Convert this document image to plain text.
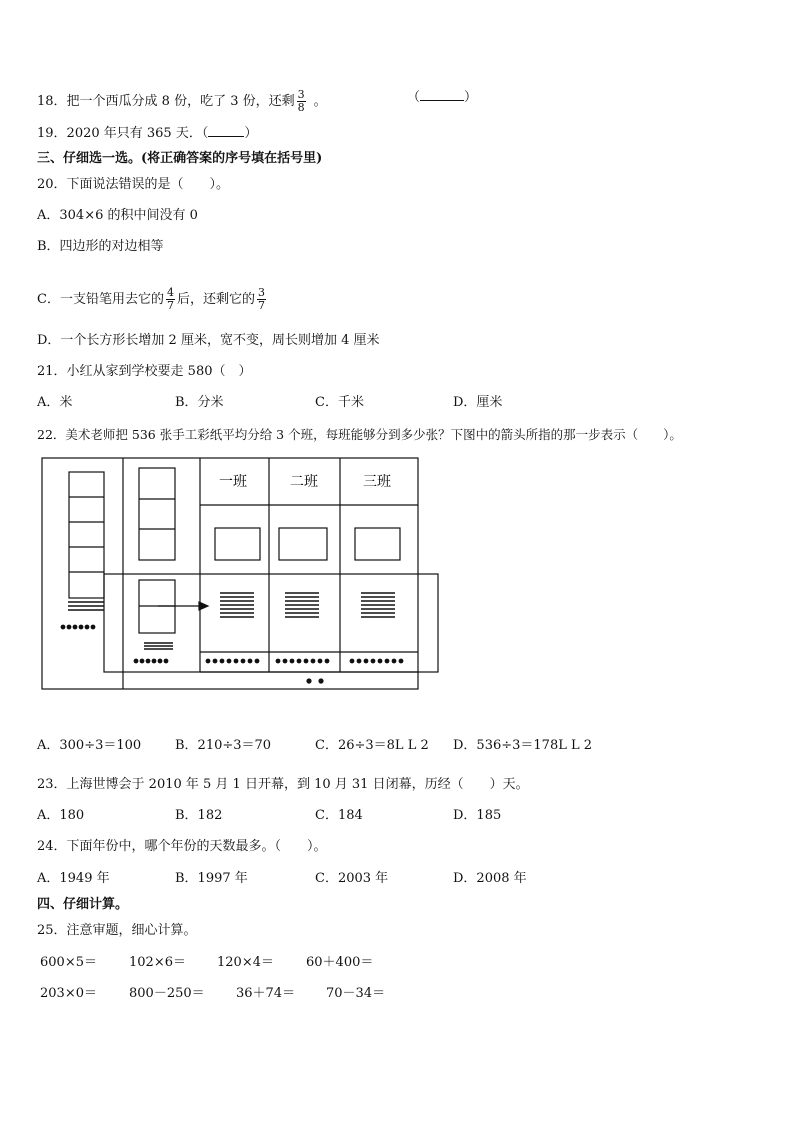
18．把一个西瓜分成 8 份，吃了 3 份，还剩 $\frac{3}{8}$ 。	（	）
19．2020 年只有 365 天．（	）
三、仔细选一选。(将正确答案的序号填在括号里)
20．下面说法错误的是（　　）。
A．304×6 的积中间没有 0
B．四边形的对边相等
C．一支铅笔用去它的 $\frac{4}{7}$ 后，还剩它的 $\frac{3}{7}$
D．一个长方形长增加 2 厘米，宽不变，周长则增加 4 厘米
21．小红从家到学校要走 580（　）
A．米	B．分米	C．千米	D．厘米
22．美术老师把 536 张手工彩纸平均分给 3 个班，每班能够分到多少张？下图中的箭头所指的那一步表示（　　）。
一班	二班	三班
A．300÷3＝100	B．210÷3＝70	C．26÷3＝8L L 2 D．536÷3＝178L L 2
23．上海世博会于 2010 年 5 月 1 日开幕，到 10 月 31 日闭幕，历经（　　）天。
A．180	B．182	C．184	D．185
24．下面年份中，哪个年份的天数最多。（　　）。
A．1949 年	B．1997 年	C．2003 年	D．2008 年
四、仔细计算。
25．注意审题，细心计算。
600×5＝ 102×6＝ 120×4＝ 60＋400＝
203×0＝ 800－250＝ 36＋74＝ 70－34＝
